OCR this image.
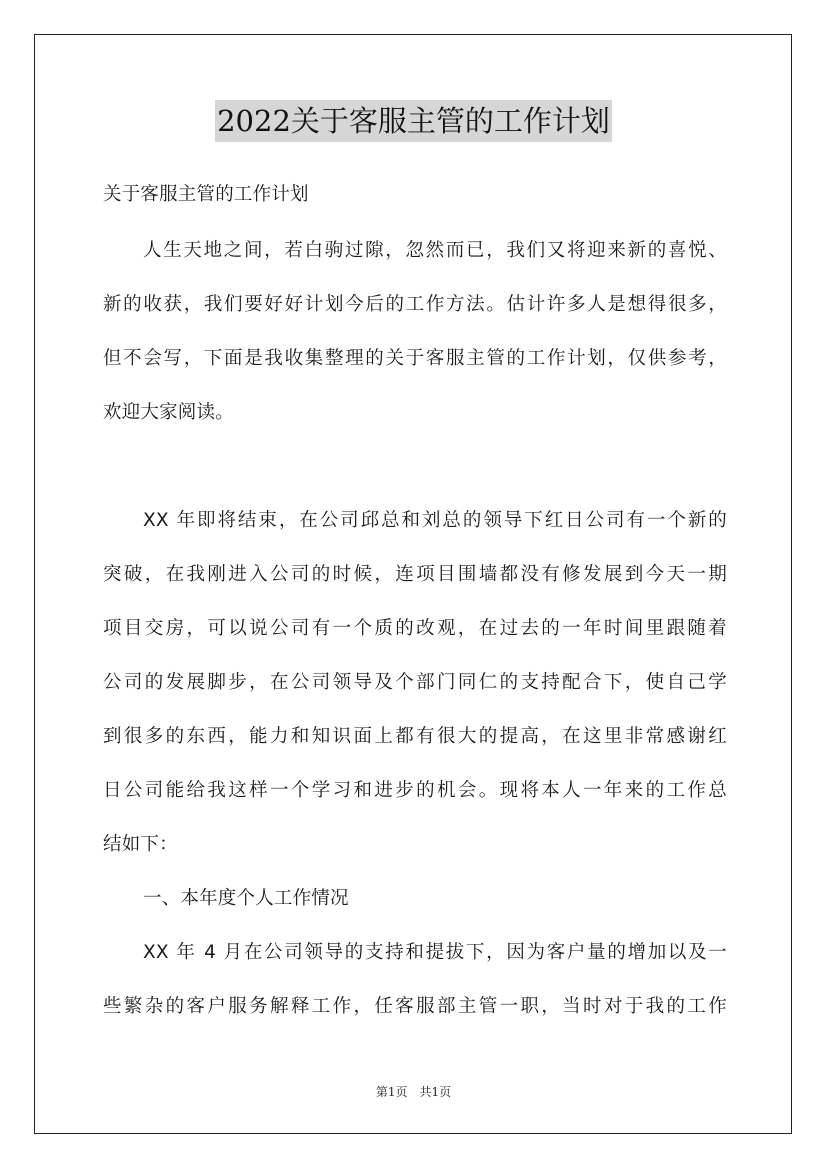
2022关于客服主管的工作计划
关于客服主管的工作计划
人生天地之间，若白驹过隙，忽然而已，我们又将迎来新的喜悦、
新的收获，我们要好好计划今后的工作方法。估计许多人是想得很多，
但不会写，下面是我收集整理的关于客服主管的工作计划，仅供参考，
欢迎大家阅读。
XX 年即将结束，在公司邱总和刘总的领导下红日公司有一个新的
突破，在我刚进入公司的时候，连项目围墙都没有修发展到今天一期
项目交房，可以说公司有一个质的改观，在过去的一年时间里跟随着
公司的发展脚步，在公司领导及个部门同仁的支持配合下，使自己学
到很多的东西，能力和知识面上都有很大的提高，在这里非常感谢红
日公司能给我这样一个学习和进步的机会。现将本人一年来的工作总
结如下：
一、本年度个人工作情况
XX 年 4 月在公司领导的支持和提拔下，因为客户量的增加以及一
些繁杂的客户服务解释工作，任客服部主管一职，当时对于我的工作
第1页　共1页
